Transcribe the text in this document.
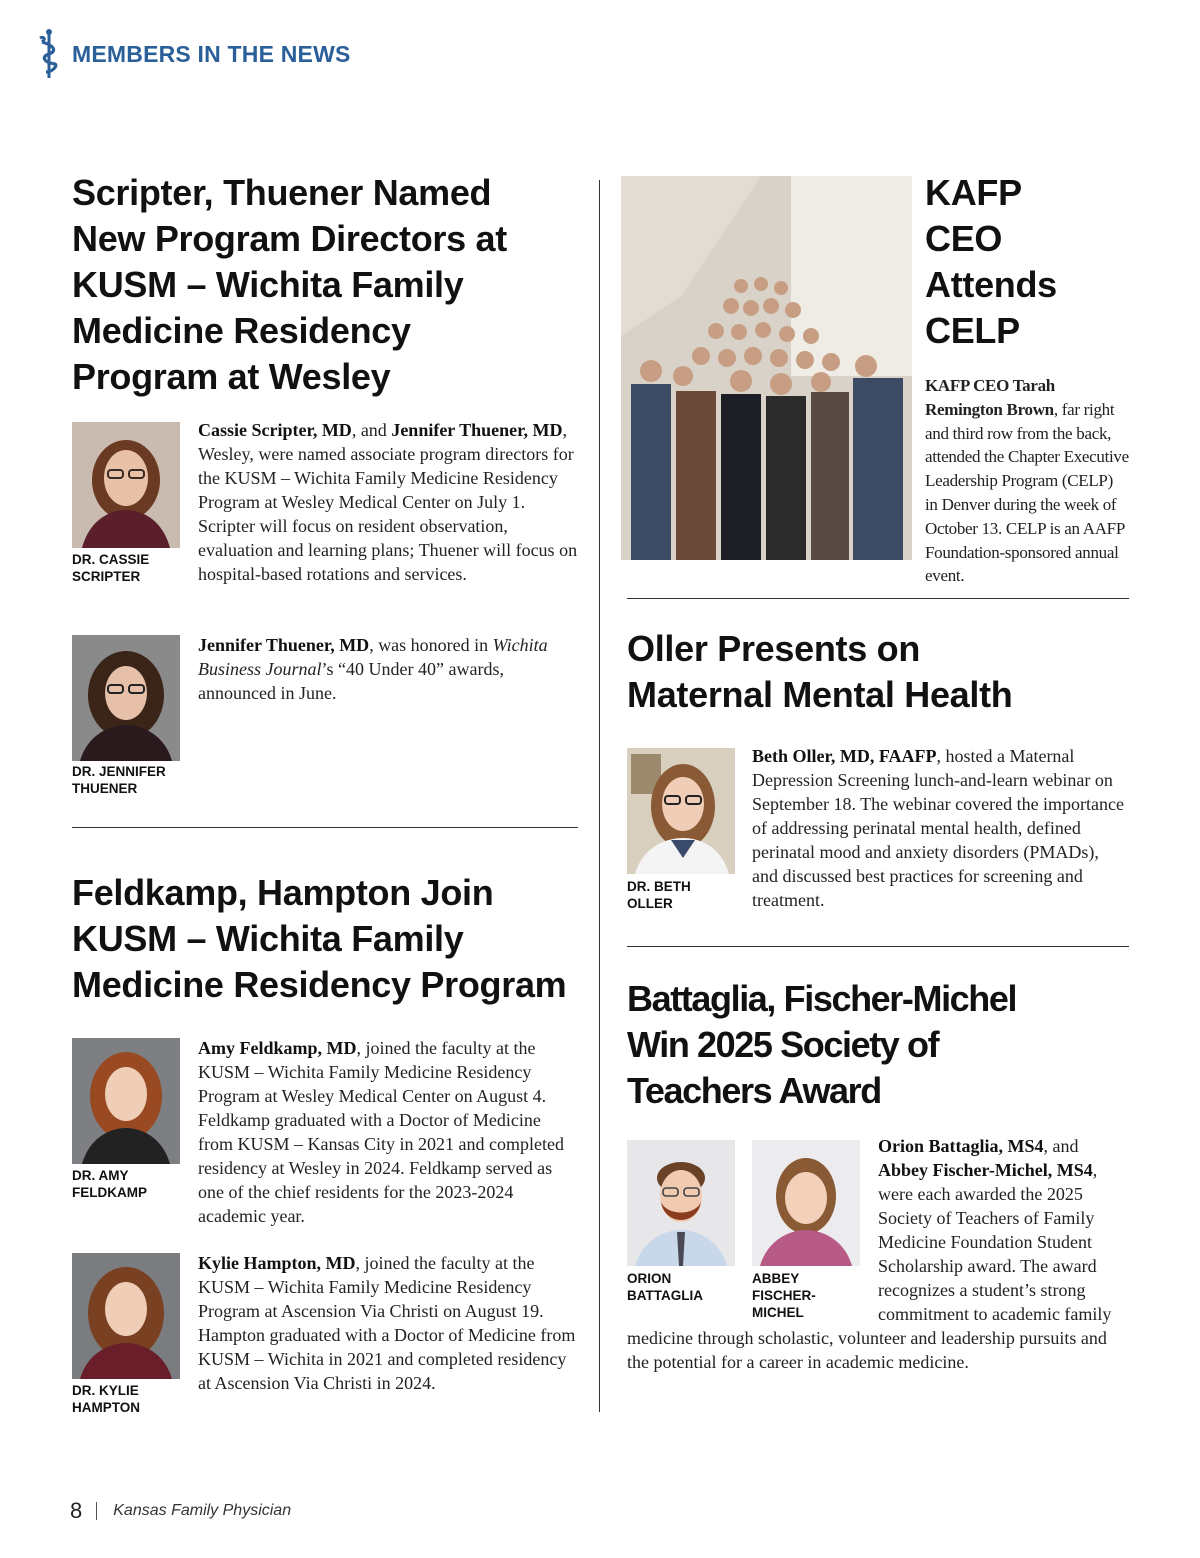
MEMBERS IN THE NEWS
Scripter, Thuener Named New Program Directors at KUSM – Wichita Family Medicine Residency Program at Wesley
DR. CASSIE SCRIPTER
Cassie Scripter, MD, and Jennifer Thuener, MD, Wesley, were named associate program directors for the KUSM – Wichita Family Medicine Residency Program at Wesley Medical Center on July 1. Scripter will focus on resident observation, evaluation and learning plans; Thuener will focus on hospital-based rotations and services.
DR. JENNIFER THUENER
Jennifer Thuener, MD, was honored in Wichita Business Journal’s “40 Under 40” awards, announced in June.
Feldkamp, Hampton Join KUSM – Wichita Family Medicine Residency Program
DR. AMY FELDKAMP
Amy Feldkamp, MD, joined the faculty at the KUSM – Wichita Family Medicine Residency Program at Wesley Medical Center on August 4. Feldkamp graduated with a Doctor of Medicine from KUSM – Kansas City in 2021 and completed residency at Wesley in 2024. Feldkamp served as one of the chief residents for the 2023-2024 academic year.
DR. KYLIE HAMPTON
Kylie Hampton, MD, joined the faculty at the KUSM – Wichita Family Medicine Residency Program at Ascension Via Christi on August 19. Hampton graduated with a Doctor of Medicine from KUSM – Wichita in 2021 and completed residency at Ascension Via Christi in 2024.
KAFP CEO Attends CELP
KAFP CEO Tarah Remington Brown, far right and third row from the back, attended the Chapter Executive Leadership Program (CELP) in Denver during the week of October 13. CELP is an AAFP Foundation-sponsored annual event.
Oller Presents on Maternal Mental Health
DR. BETH OLLER
Beth Oller, MD, FAAFP, hosted a Maternal Depression Screening lunch-and-learn webinar on September 18. The webinar covered the importance of addressing perinatal mental health, defined perinatal mood and anxiety disorders (PMADs), and discussed best practices for screening and treatment.
Battaglia, Fischer-Michel Win 2025 Society of Teachers Award
ORION BATTAGLIA
ABBEY FISCHER-MICHEL
Orion Battaglia, MS4, and Abbey Fischer-Michel, MS4, were each awarded the 2025 Society of Teachers of Family Medicine Foundation Student Scholarship award. The award recognizes a student’s strong commitment to academic family medicine through scholastic, volunteer and leadership pursuits and the potential for a career in academic medicine.
8 Kansas Family Physician
